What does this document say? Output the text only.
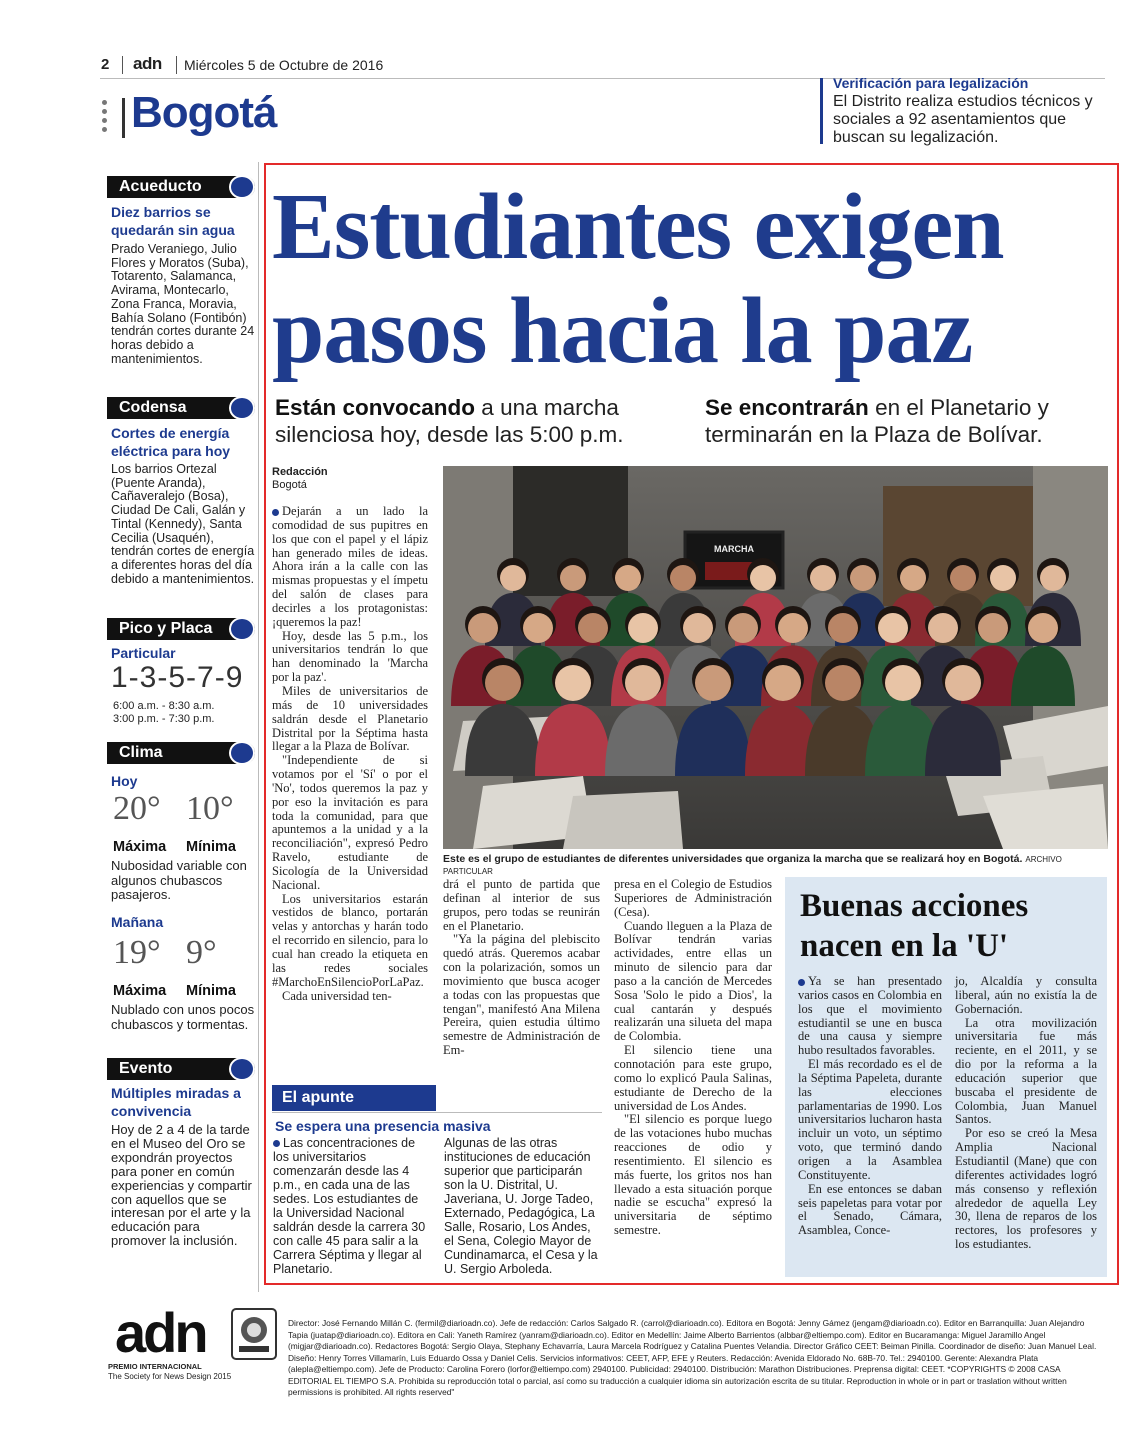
2 adn Miércoles 5 de Octubre de 2016
Bogotá
Verificación para legalización
El Distrito realiza estudios técnicos y sociales a 92 asentamientos que buscan su legalización.
Acueducto
Diez barrios se quedarán sin agua
Prado Veraniego, Julio Flores y Moratos (Suba), Totarento, Salamanca, Avirama, Montecarlo, Zona Franca, Moravia, Bahía Solano (Fontibón) tendrán cortes durante 24 horas debido a mantenimientos.
Codensa
Cortes de energía eléctrica para hoy
Los barrios Ortezal (Puente Aranda), Cañaveralejo (Bosa), Ciudad De Cali, Galán y Tintal (Kennedy), Santa Cecilia (Usaquén), tendrán cortes de energía a diferentes horas del día debido a mantenimientos.
Pico y Placa
Particular
1-3-5-7-9
6:00 a.m. - 8:30 a.m.
3:00 p.m. - 7:30 p.m.
Clima
Hoy
20° 10°
Máxima Mínima
Nubosidad variable con algunos chubascos pasajeros.
Mañana
19° 9°
Máxima Mínima
Nublado con unos pocos chubascos y tormentas.
Evento
Múltiples miradas a convivencia
Hoy de 2 a 4 de la tarde en el Museo del Oro se expondrán proyectos para poner en común experiencias y compartir con aquellos que se interesan por el arte y la educación para promover la inclusión.
Estudiantes exigen pasos hacia la paz
Están convocando a una marcha silenciosa hoy, desde las 5:00 p.m.
Se encontrarán en el Planetario y terminarán en la Plaza de Bolívar.
Redacción
Bogotá

Dejarán a un lado la comodidad de sus pupitres en los que con el papel y el lápiz han generado miles de ideas. Ahora irán a la calle con las mismas propuestas y el ímpetu del salón de clases para decirles a los protagonistas: ¡queremos la paz!

Hoy, desde las 5 p.m., los universitarios tendrán lo que han denominado la 'Marcha por la paz'.

Miles de universitarios de más de 10 universidades saldrán desde el Planetario Distrital por la Séptima hasta llegar a la Plaza de Bolívar.

"Independiente de si votamos por el 'Sí' o por el 'No', todos queremos la paz y por eso la invitación es para toda la comunidad, para que apuntemos a la unidad y a la reconciliación", expresó Pedro Ravelo, estudiante de Sicología de la Universidad Nacional.

Los universitarios estarán vestidos de blanco, portarán velas y antorchas y harán todo el recorrido en silencio, para lo cual han creado la etiqueta en las redes sociales #MarchoEnSilencioPorLaPaz.

Cada universidad ten-

MARCHA
Este es el grupo de estudiantes de diferentes universidades que organiza la marcha que se realizará hoy en Bogotá. ARCHIVO PARTICULAR

drá el punto de partida que definan al interior de sus grupos, pero todas se reunirán en el Planetario.

"Ya la página del plebiscito quedó atrás. Queremos acabar con la polarización, somos un movimiento que busca acoger a todas con las propuestas que tengan", manifestó Ana Milena Pereira, quien estudia último semestre de Administración de Em-

presa en el Colegio de Estudios Superiores de Administración (Cesa).

Cuando lleguen a la Plaza de Bolívar tendrán varias actividades, entre ellas un minuto de silencio para dar paso a la canción de Mercedes Sosa 'Solo le pido a Dios', la cual cantarán y después realizarán una silueta del mapa de Colombia.

El silencio tiene una connotación para este grupo, como lo explicó Paula Salinas, estudiante de Derecho de la universidad de Los Andes.

"El silencio es porque luego de las votaciones hubo muchas reacciones de odio y resentimiento. El silencio es más fuerte, los gritos nos han llevado a esta situación porque nadie se escucha" expresó la universitaria de séptimo semestre.

El apunte
Se espera una presencia masiva
Las concentraciones de los universitarios comenzarán desde las 4 p.m., en cada una de las sedes. Los estudiantes de la Universidad Nacional saldrán desde la carrera 30 con calle 45 para salir a la Carrera Séptima y llegar al Planetario.
Algunas de las otras instituciones de educación superior que participarán son la U. Distrital, U. Javeriana, U. Jorge Tadeo, Externado, Pedagógica, La Salle, Rosario, Los Andes, el Sena, Colegio Mayor de Cundinamarca, el Cesa y la U. Sergio Arboleda.
Buenas acciones nacen en la 'U'

Ya se han presentado varios casos en Colombia en los que el movimiento estudiantil se une en busca de una causa y siempre hubo resultados favorables.

El más recordado es el de la Séptima Papeleta, durante las elecciones parlamentarias de 1990. Los universitarios lucharon hasta incluir un voto, un séptimo voto, que terminó dando origen a la Asamblea Constituyente.

En ese entonces se daban seis papeletas para votar por el Senado, Cámara, Asamblea, Conce-

jo, Alcaldía y consulta liberal, aún no existía la de Gobernación.

La otra movilización universitaria fue más reciente, en el 2011, y se dio por la reforma a la educación superior que buscaba el presidente de Colombia, Juan Manuel Santos.

Por eso se creó la Mesa Amplia Nacional Estudiantil (Mane) que con diferentes actividades logró más consenso y reflexión alrededor de aquella Ley 30, llena de reparos de los rectores, los profesores y los estudiantes.

adn
PREMIO INTERNACIONAL
The Society for News Design 2015
Director: José Fernando Millán C. (fermil@diarioadn.co). Jefe de redacción: Carlos Salgado R. (carrol@diarioadn.co). Editora en Bogotá: Jenny Gámez (jengam@diarioadn.co). Editor en Barranquilla: Juan Alejandro Tapia (juatap@diarioadn.co). Editora en Cali: Yaneth Ramírez (yanram@diarioadn.co). Editor en Medellín: Jaime Alberto Barrientos (albbar@eltiempo.com). Editor en Bucaramanga: Miguel Jaramillo Angel (migjar@diarioadn.co). Redactores Bogotá: Sergio Olaya, Stephany Echavarría, Laura Marcela Rodríguez y Catalina Puentes Velandia. Director Gráfico CEET: Beiman Pinilla. Coordinador de diseño: Juan Manuel Leal. Diseño: Henry Torres Villamarín, Luis Eduardo Ossa y Daniel Celis. Servicios informativos: CEET, AFP, EFE y Reuters. Redacción: Avenida Eldorado No. 68B-70. Tel.: 2940100. Gerente: Alexandra Plata (alepla@eltiempo.com). Jefe de Producto: Carolina Forero (lorfor@eltiempo.com) 2940100. Publicidad: 2940100. Distribución: Marathon Distribuciones. Preprensa digital: CEET. *COPYRIGHTS © 2008 CASA EDITORIAL EL TIEMPO S.A. Prohibida su reproducción total o parcial, así como su traducción a cualquier idioma sin autorización escrita de su titular. Reproduction in whole or in part or traslation without written permissions is prohibited. All rights reserved"
